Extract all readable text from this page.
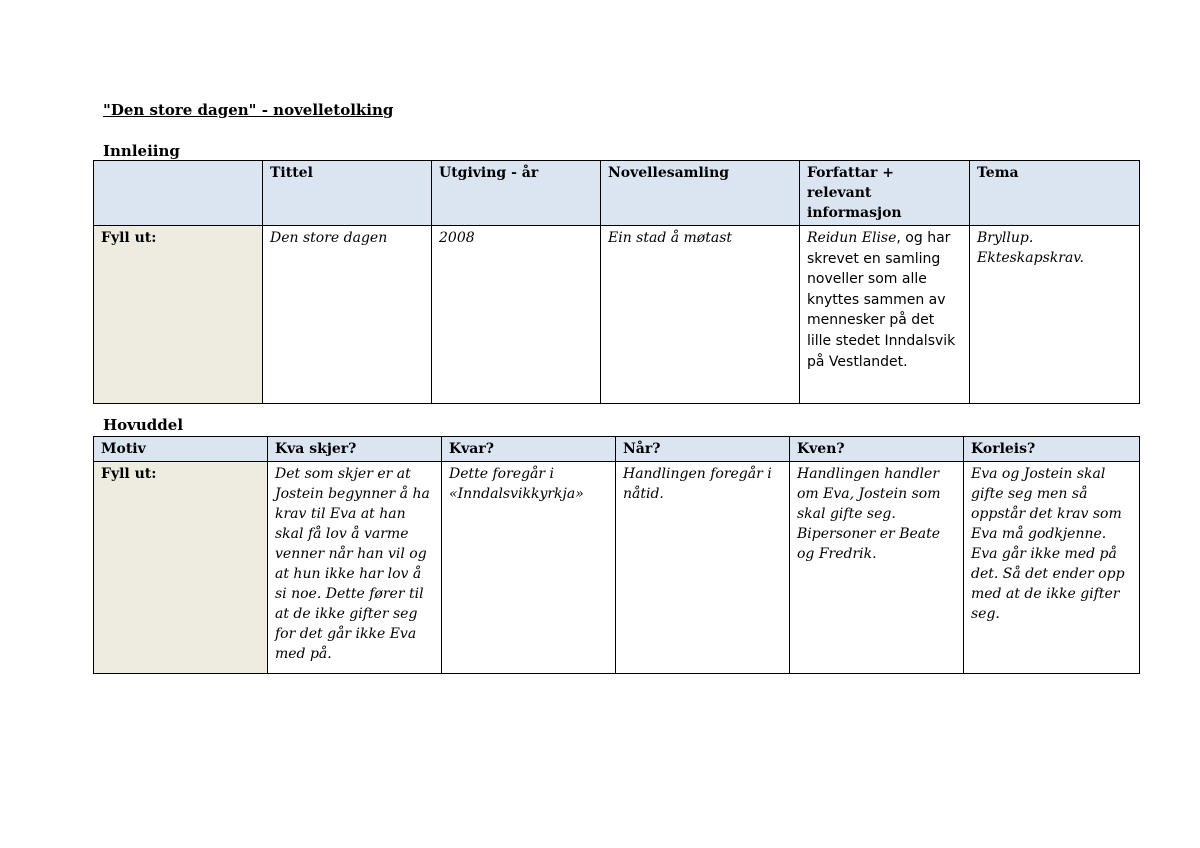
"Den store dagen" - novelletolking
Innleiing
	Tittel	Utgiving - år	Novellesamling	Forfattar + relevant informasjon	Tema
Fyll ut:	Den store dagen	2008	Ein stad å møtast	Reidun Elise, og har skrevet en samling noveller som alle knyttes sammen av mennesker på det lille stedet Inndalsvik på Vestlandet.	Bryllup. Ekteskapskrav.
Hovuddel
Motiv	Kva skjer?	Kvar?	Når?	Kven?	Korleis?
Fyll ut:	Det som skjer er at Jostein begynner å ha krav til Eva at han skal få lov å varme venner når han vil og at hun ikke har lov å si noe. Dette fører til at de ikke gifter seg for det går ikke Eva med på.	Dette foregår i «Inndalsvikkyrkja»	Handlingen foregår i nåtid.	Handlingen handler om Eva, Jostein som skal gifte seg. Bipersoner er Beate og Fredrik.	Eva og Jostein skal gifte seg men så oppstår det krav som Eva må godkjenne. Eva går ikke med på det. Så det ender opp med at de ikke gifter seg.
